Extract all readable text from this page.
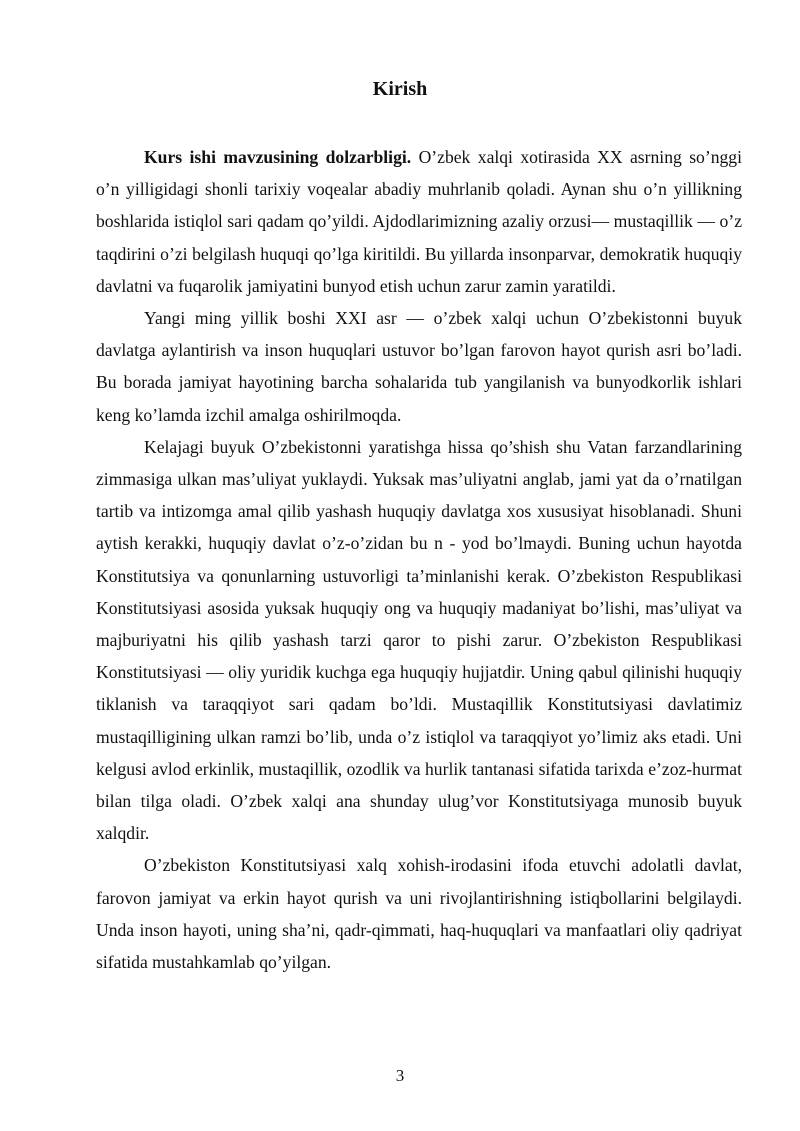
Kirish

Kurs ishi mavzusining dolzarbligi. O’zbek xalqi xotirasida XX asrning so’nggi o’n yilligidagi shonli tarixiy voqealar abadiy muhrlanib qoladi. Aynan shu o’n yillikning boshlarida istiqlol sari qadam qo’yildi. Ajdodlarimizning azaliy orzusi— mustaqillik — o’z taqdirini o’zi belgilash huquqi qo’lga kiritildi. Bu yillarda insonparvar, demokratik huquqiy davlatni va fuqarolik jamiyatini bunyod etish uchun zarur zamin yaratildi.

Yangi ming yillik boshi XXI asr — o’zbek xalqi uchun O’zbekistonni buyuk davlatga aylantirish va inson huquqlari ustuvor bo’lgan farovon hayot qurish asri bo’ladi. Bu borada jamiyat hayotining barcha sohalarida tub yangilanish va bunyodkorlik ishlari keng ko’lamda izchil amalga oshirilmoqda.

Kelajagi buyuk O’zbekistonni yaratishga hissa qo’shish shu Vatan farzandlarining zimmasiga ulkan mas’uliyat yuklaydi. Yuksak mas’uliyatni anglab, jami yat da o’rnatilgan tartib va intizomga amal qilib yashash huquqiy davlatga xos xususiyat hisoblanadi. Shuni aytish kerakki, huquqiy davlat o’z-o’zidan bu n - yod bo’lmaydi. Buning uchun hayotda Konstitutsiya va qonunlarning ustuvorligi ta’minlanishi kerak. O’zbekiston Respublikasi Konstitutsiyasi asosida yuksak huquqiy ong va huquqiy madaniyat bo’lishi, mas’uliyat va majburiyatni his qilib yashash tarzi qaror to pishi zarur. O’zbekiston Respublikasi Konstitutsiyasi — oliy yuridik kuchga ega huquqiy hujjatdir. Uning qabul qilinishi huquqiy tiklanish va taraqqiyot sari qadam bo’ldi. Mustaqillik Konstitutsiyasi davlatimiz mustaqilligining ulkan ramzi bo’lib, unda o’z istiqlol va taraqqiyot yo’limiz aks etadi. Uni kelgusi avlod erkinlik, mustaqillik, ozodlik va hurlik tantanasi sifatida tarixda e’zoz-hurmat bilan tilga oladi. O’zbek xalqi ana shunday ulug’vor Konstitutsiyaga munosib buyuk xalqdir.

O’zbekiston Konstitutsiyasi xalq xohish-irodasini ifoda etuvchi adolatli davlat, farovon jamiyat va erkin hayot qurish va uni rivojlantirishning istiqbollarini belgilaydi. Unda inson hayoti, uning sha’ni, qadr-qimmati, haq-huquqlari va manfaatlari oliy qadriyat sifatida mustahkamlab qo’yilgan.

3
